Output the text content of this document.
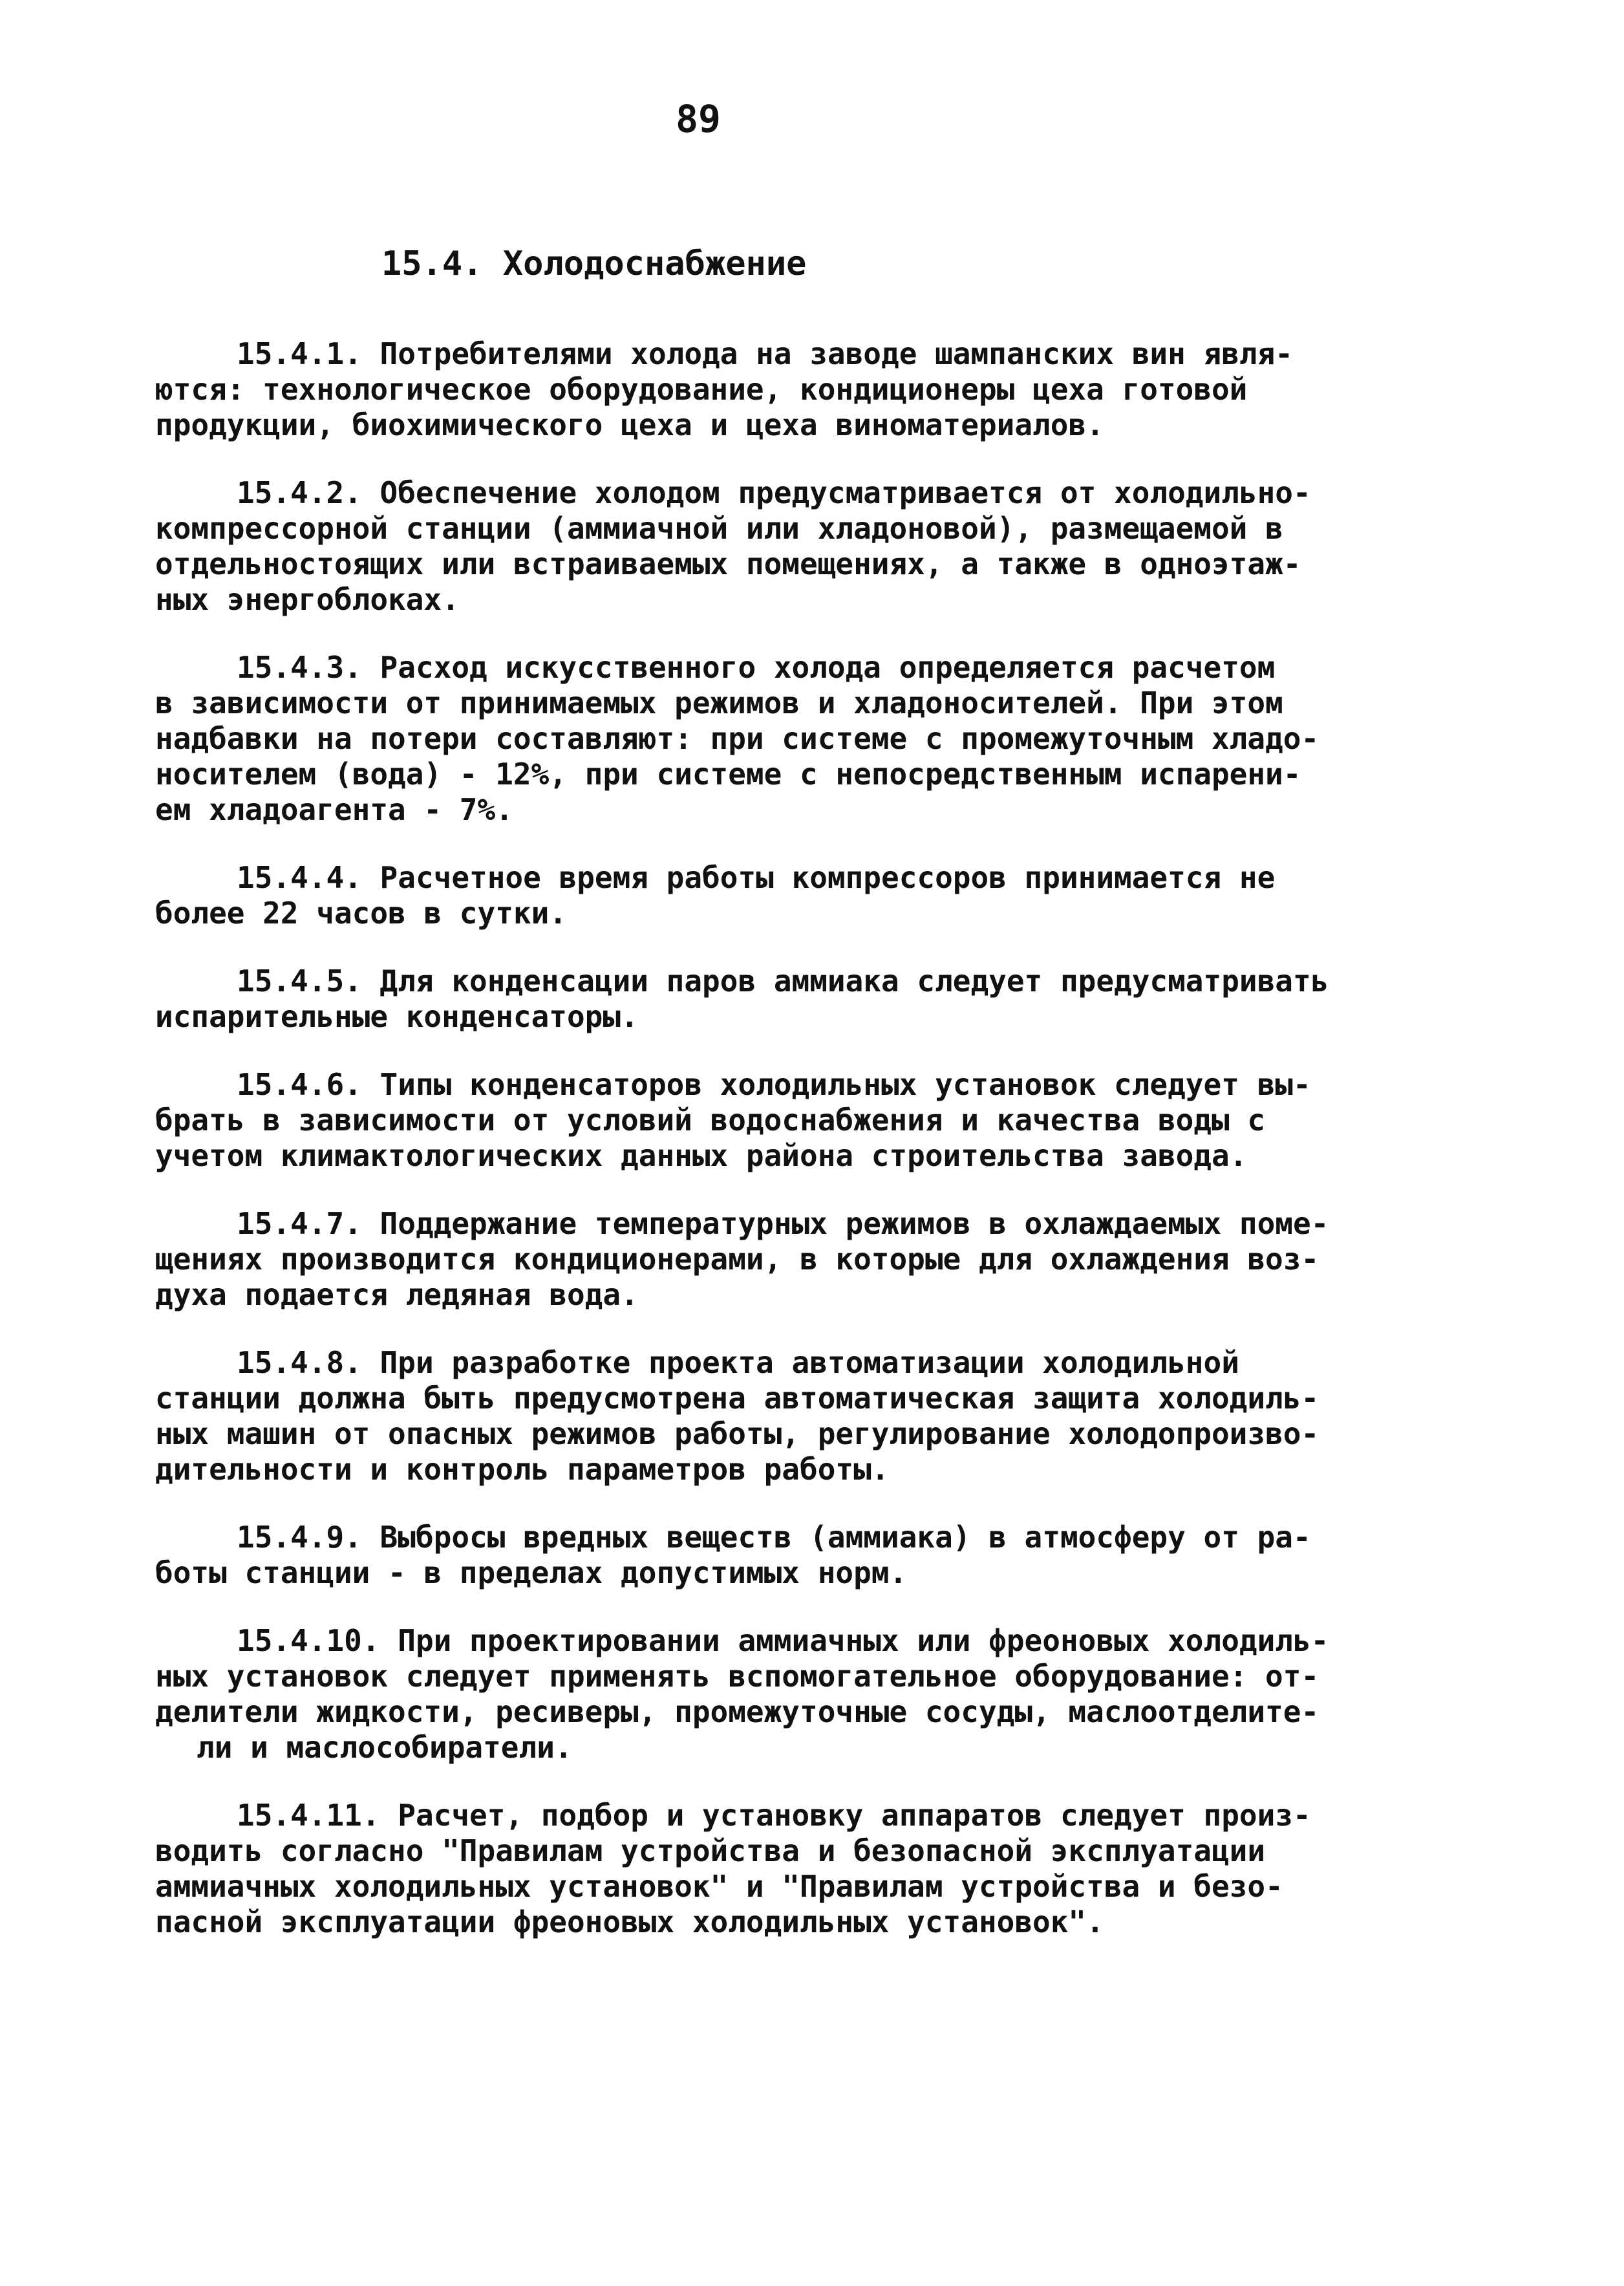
89
15.4. Холодоснабжение

15.4.1. Потребителями холода на заводе шампанских вин явля-
ются: технологическое оборудование, кондиционеры цеха готовой
продукции, биохимического цеха и цеха виноматериалов.

15.4.2. Обеспечение холодом предусматривается от холодильно-
компрессорной станции (аммиачной или хладоновой), размещаемой в
отдельностоящих или встраиваемых помещениях, а также в одноэтаж-
ных энергоблоках.

15.4.3. Расход искусственного холода определяется расчетом
в зависимости от принимаемых режимов и хладоносителей. При этом
надбавки на потери составляют: при системе с промежуточным хладо-
носителем (вода) - 12%, при системе с непосредственным испарени-
ем хладоагента - 7%.

15.4.4. Расчетное время работы компрессоров принимается не
более 22 часов в сутки.

15.4.5. Для конденсации паров аммиака следует предусматривать
испарительные конденсаторы.

15.4.6. Типы конденсаторов холодильных установок следует вы-
брать в зависимости от условий водоснабжения и качества воды с
учетом климактологических данных района строительства завода.

15.4.7. Поддержание температурных режимов в охлаждаемых поме-
щениях производится кондиционерами, в которые для охлаждения воз-
духа подается ледяная вода.

15.4.8. При разработке проекта автоматизации холодильной
станции должна быть предусмотрена автоматическая защита холодиль-
ных машин от опасных режимов работы, регулирование холодопроизво-
дительности и контроль параметров работы.

15.4.9. Выбросы вредных веществ (аммиака) в атмосферу от ра-
боты станции - в пределах допустимых норм.

15.4.10. При проектировании аммиачных или фреоновых холодиль-
ных установок следует применять вспомогательное оборудование: от-
делители жидкости, ресиверы, промежуточные сосуды, маслоотделите-
ли и маслособиратели.

15.4.11. Расчет, подбор и установку аппаратов следует произ-
водить согласно "Правилам устройства и безопасной эксплуатации
аммиачных холодильных установок" и "Правилам устройства и безо-
пасной эксплуатации фреоновых холодильных установок".
